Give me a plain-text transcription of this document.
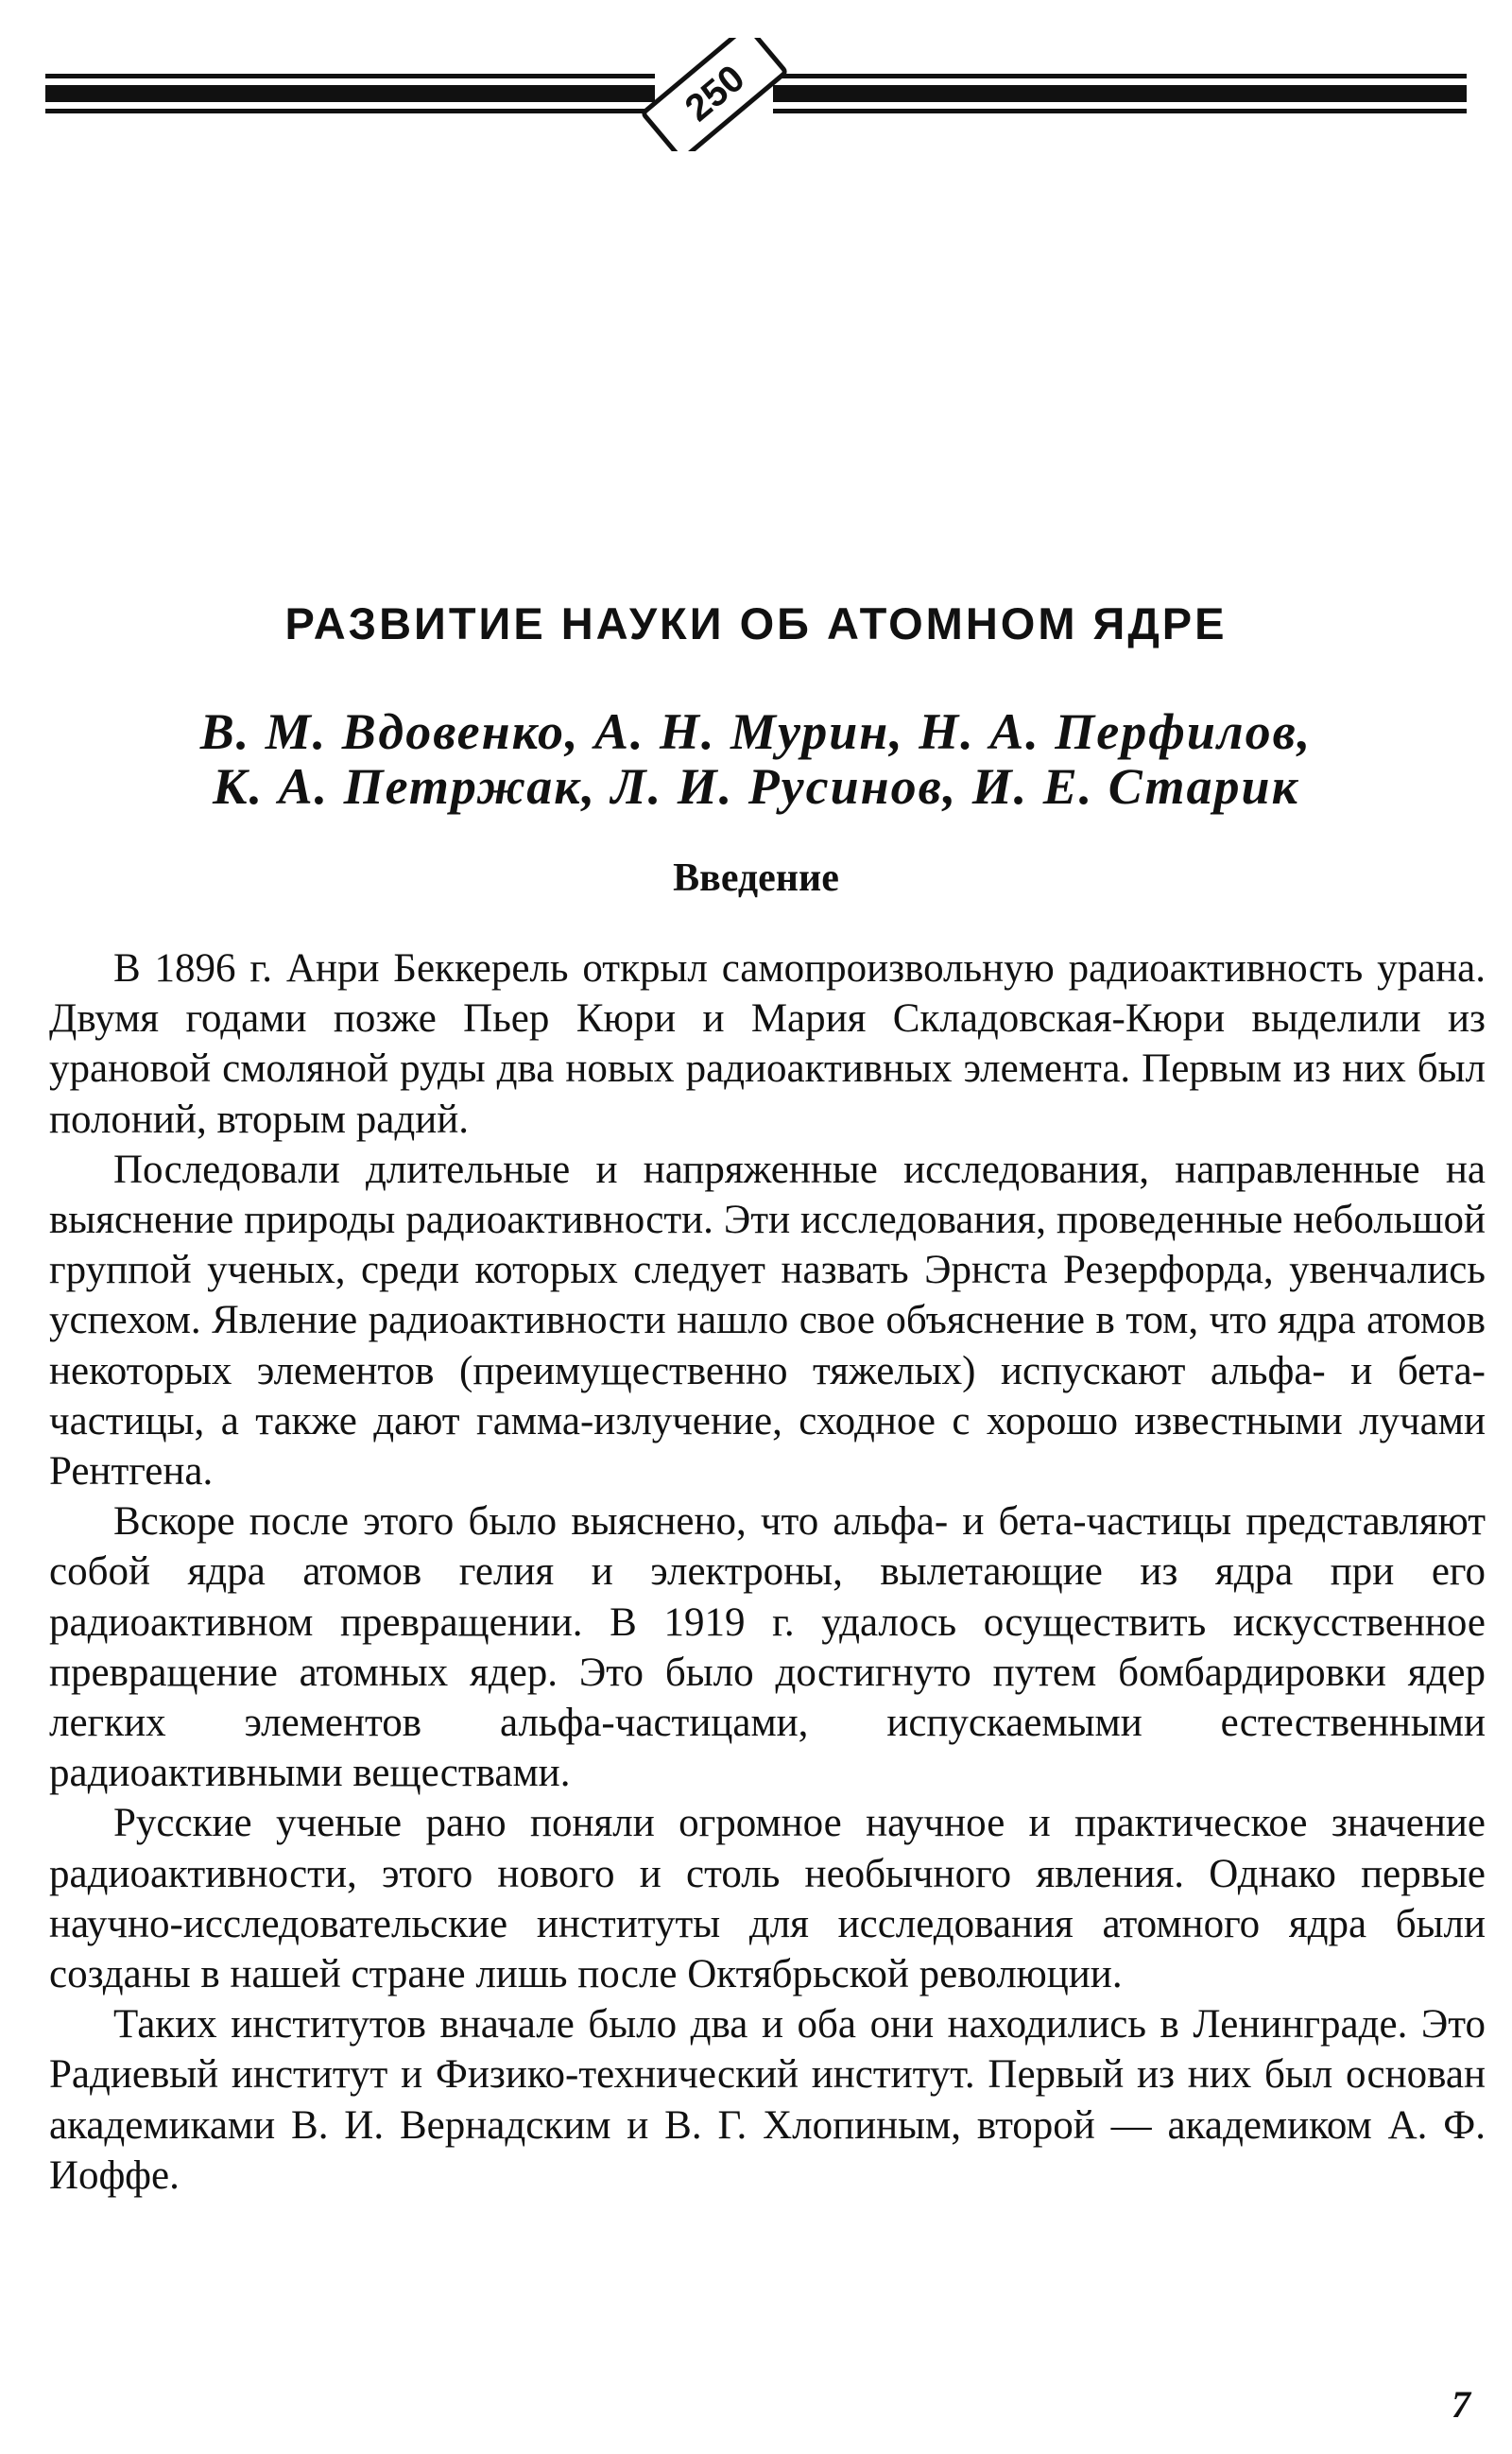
250
РАЗВИТИЕ НАУКИ ОБ АТОМНОМ ЯДРЕ
В. М. Вдовенко, А. Н. Мурин, Н. А. Перфилов,
К. А. Петржак, Л. И. Русинов, И. Е. Старик
Введение

В 1896 г. Анри Беккерель открыл самопроизвольную радиоактивность урана. Двумя годами позже Пьер Кюри и Мария Складовская-Кюри выделили из урановой смоляной руды два новых радиоактивных элемента. Первым из них был полоний, вторым радий.

Последовали длительные и напряженные исследования, направленные на выяснение природы радиоактивности. Эти исследования, проведенные небольшой группой ученых, среди которых следует назвать Эрнста Резерфорда, увенчались успехом. Явление радиоактивности нашло свое объяснение в том, что ядра атомов некоторых элементов (преимущественно тяжелых) испускают альфа- и бета-частицы, а также дают гамма-излучение, сходное с хорошо известными лучами Рентгена.

Вскоре после этого было выяснено, что альфа- и бета-частицы представляют собой ядра атомов гелия и электроны, вылетающие из ядра при его радиоактивном превращении. В 1919 г. удалось осуществить искусственное превращение атомных ядер. Это было достигнуто путем бомбардировки ядер легких элементов альфа-частицами, испускаемыми естественными радиоактивными веществами.

Русские ученые рано поняли огромное научное и практическое значение радиоактивности, этого нового и столь необычного явления. Однако первые научно-исследовательские институты для исследования атомного ядра были созданы в нашей стране лишь после Октябрьской революции.

Таких институтов вначале было два и оба они находились в Ленинграде. Это Радиевый институт и Физико-технический институт. Первый из них был основан академиками В. И. Вернадским и В. Г. Хлопиным, второй — академиком А. Ф. Иоффе.

7
